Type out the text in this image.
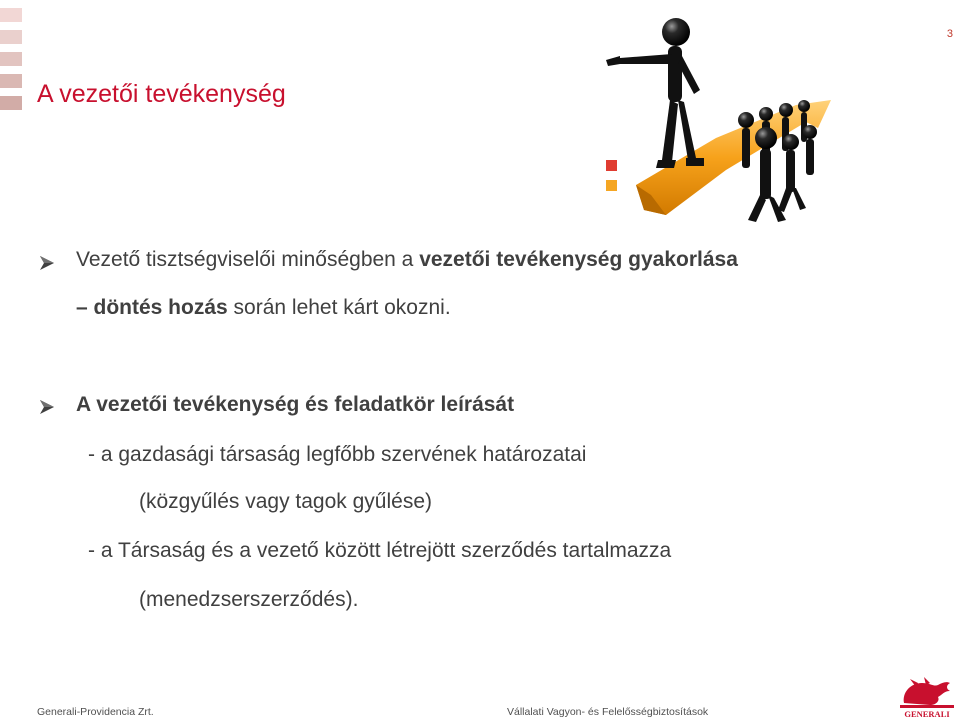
3
A vezetői tevékenység
Vezető tisztségviselői minőségben a vezetői tevékenység gyakorlása
– döntés hozás során lehet kárt okozni.
A vezetői tevékenység és feladatkör leírását
- a gazdasági társaság legfőbb szervének határozatai
(közgyűlés vagy tagok gyűlése)
- a Társaság és a vezető között létrejött szerződés tartalmazza
(menedzserszerződés).
Generali-Providencia Zrt.	Vállalati Vagyon- és Felelősségbiztosítások	GENERALI
